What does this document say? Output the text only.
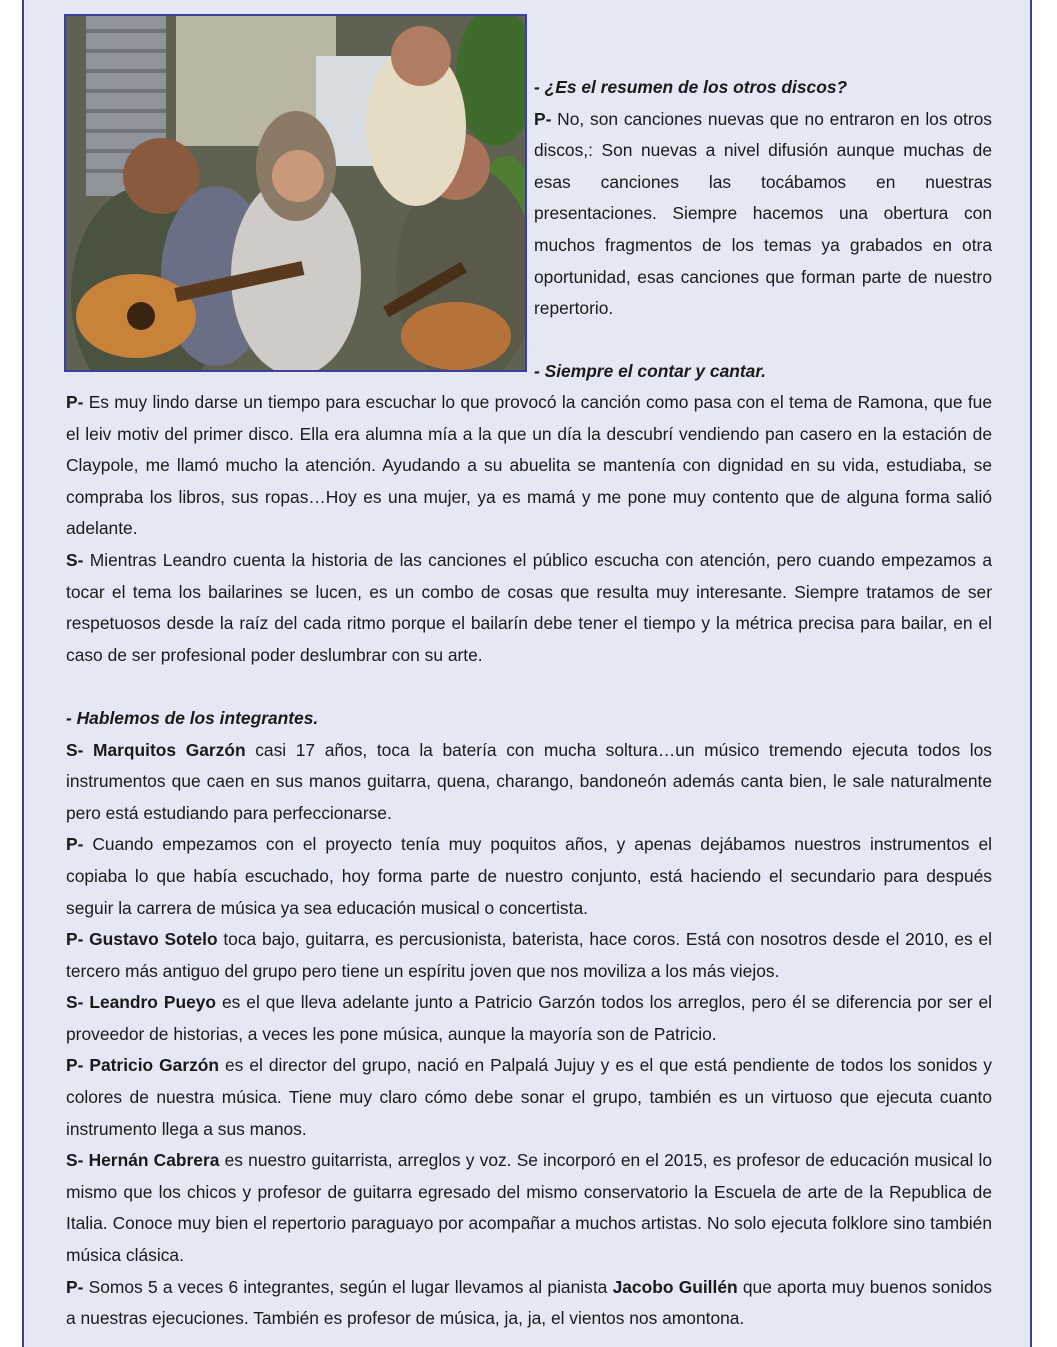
- ¿Es el resumen de los otros discos?

P- No, son canciones nuevas que no entraron en los otros discos,: Son nuevas a nivel difusión aunque muchas de esas canciones las tocábamos en nuestras presentaciones. Siempre hacemos una obertura con muchos fragmentos de los temas ya grabados en otra oportunidad, esas canciones que forman parte de nuestro repertorio.

- Siempre el contar y cantar.

P- Es muy lindo darse un tiempo para escuchar lo que provocó la canción como pasa con el tema de Ramona, que fue el leiv motiv del primer disco. Ella era alumna mía a la que un día la descubrí vendiendo pan casero en la estación de Claypole, me llamó mucho la atención. Ayudando a su abuelita se mantenía con dignidad en su vida, estudiaba, se compraba los libros, sus ropas…Hoy es una mujer, ya es mamá y me pone muy contento que de alguna forma salió adelante.

S- Mientras Leandro cuenta la historia de las canciones el público escucha con atención, pero cuando empezamos a tocar el tema los bailarines se lucen, es un combo de cosas que resulta muy interesante. Siempre tratamos de ser respetuosos desde la raíz del cada ritmo porque el bailarín debe tener el tiempo y la métrica precisa para bailar, en el caso de ser profesional poder deslumbrar con su arte.

- Hablemos de los integrantes.

S- Marquitos Garzón casi 17 años, toca la batería con mucha soltura…un músico tremendo ejecuta todos los instrumentos que caen en sus manos guitarra, quena, charango, bandoneón además canta bien, le sale naturalmente pero está estudiando para perfeccionarse.

P- Cuando empezamos con el proyecto tenía muy poquitos años, y apenas dejábamos nuestros instrumentos el copiaba lo que había escuchado, hoy forma parte de nuestro conjunto, está haciendo el secundario para después seguir la carrera de música ya sea educación musical o concertista.

P- Gustavo Sotelo toca bajo, guitarra, es percusionista, baterista, hace coros. Está con nosotros desde el 2010, es el tercero más antiguo del grupo pero tiene un espíritu joven que nos moviliza a los más viejos.

S- Leandro Pueyo es el que lleva adelante junto a Patricio Garzón todos los arreglos, pero él se diferencia por ser el proveedor de historias, a veces les pone música, aunque la mayoría son de Patricio.

P- Patricio Garzón es el director del grupo, nació en Palpalá Jujuy y es el que está pendiente de todos los sonidos y colores de nuestra música. Tiene muy claro cómo debe sonar el grupo, también es un virtuoso que ejecuta cuanto instrumento llega a sus manos.

S- Hernán Cabrera es nuestro guitarrista, arreglos y voz. Se incorporó en el 2015, es profesor de educación musical lo mismo que los chicos y profesor de guitarra egresado del mismo conservatorio la Escuela de arte de la Republica de Italia. Conoce muy bien el repertorio paraguayo por acompañar a muchos artistas. No solo ejecuta folklore sino también música clásica.

P- Somos 5 a veces 6 integrantes, según el lugar llevamos al pianista Jacobo Guillén que aporta muy buenos sonidos a nuestras ejecuciones. También es profesor de música, ja, ja, el vientos nos amontona.
